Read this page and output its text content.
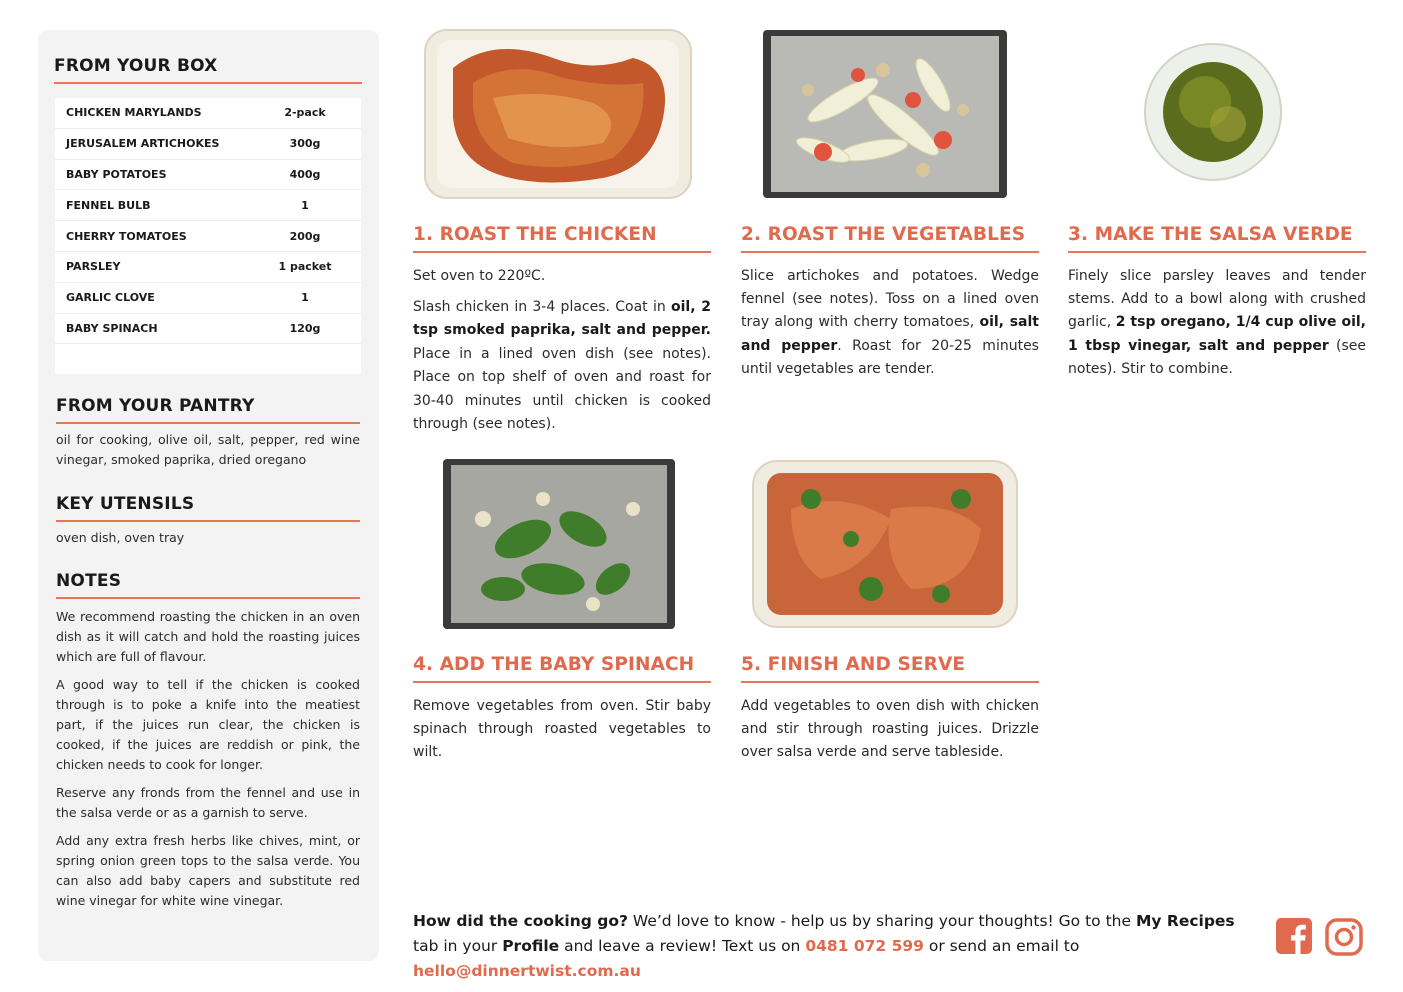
FROM YOUR BOX
CHICKEN MARYLANDS	2-pack
JERUSALEM ARTICHOKES	300g
BABY POTATOES	400g
FENNEL BULB	1
CHERRY TOMATOES	200g
PARSLEY	1 packet
GARLIC CLOVE	1
BABY SPINACH	120g
FROM YOUR PANTRY
oil for cooking, olive oil, salt, pepper, red wine vinegar, smoked paprika, dried oregano
KEY UTENSILS
oven dish, oven tray
NOTES

We recommend roasting the chicken in an oven dish as it will catch and hold the roasting juices which are full of flavour.

A good way to tell if the chicken is cooked through is to poke a knife into the meatiest part, if the juices run clear, the chicken is cooked, if the juices are reddish or pink, the chicken needs to cook for longer.

Reserve any fronds from the fennel and use in the salsa verde or as a garnish to serve.

Add any extra fresh herbs like chives, mint, or spring onion green tops to the salsa verde. You can also add baby capers and substitute red wine vinegar for white wine vinegar.

1. ROAST THE CHICKEN

Set oven to 220ºC.

Slash chicken in 3-4 places. Coat in oil, 2 tsp smoked paprika, salt and pepper. Place in a lined oven dish (see notes). Place on top shelf of oven and roast for 30-40 minutes until chicken is cooked through (see notes).

2. ROAST THE VEGETABLES

Slice artichokes and potatoes. Wedge fennel (see notes). Toss on a lined oven tray along with cherry tomatoes, oil, salt and pepper. Roast for 20-25 minutes until vegetables are tender.

3. MAKE THE SALSA VERDE

Finely slice parsley leaves and tender stems. Add to a bowl along with crushed garlic, 2 tsp oregano, 1/4 cup olive oil, 1 tbsp vinegar, salt and pepper (see notes). Stir to combine.

4. ADD THE BABY SPINACH

Remove vegetables from oven. Stir baby spinach through roasted vegetables to wilt.

5. FINISH AND SERVE

Add vegetables to oven dish with chicken and stir through roasting juices. Drizzle over salsa verde and serve tableside.

How did the cooking go? We’d love to know - help us by sharing your thoughts! Go to the My Recipes tab in your Profile and leave a review! Text us on 0481 072 599 or send an email to hello@dinnertwist.com.au
